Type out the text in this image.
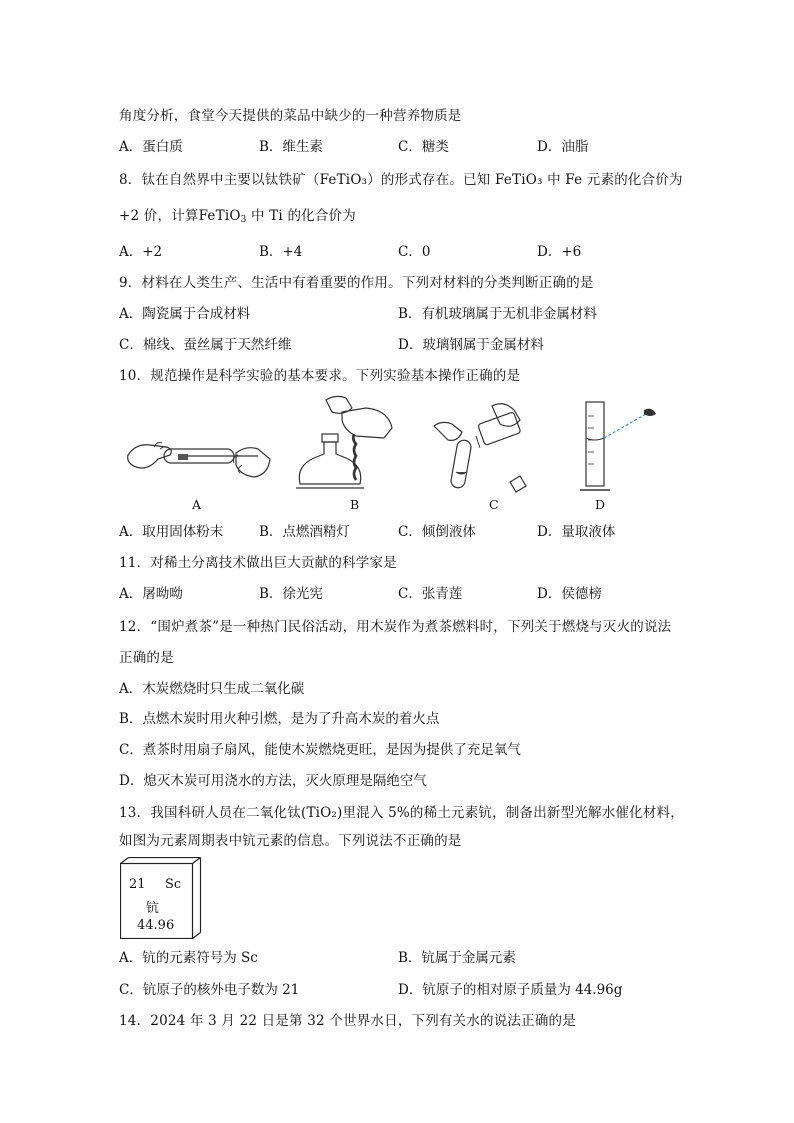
角度分析，食堂今天提供的菜品中缺少的一种营养物质是
A．蛋白质	B．维生素	C．糖类	D．油脂
8．钛在自然界中主要以钛铁矿（FeTiO₃）的形式存在。已知 FeTiO₃ 中 Fe 元素的化合价为
+2 价，计算FeTiO$_3$ 中 Ti 的化合价为
A．+2	B．+4	C．0	D．+6
9．材料在人类生产、生活中有着重要的作用。下列对材料的分类判断正确的是
A．陶瓷属于合成材料	B．有机玻璃属于无机非金属材料
C．棉线、蚕丝属于天然纤维	D．玻璃钢属于金属材料
10．规范操作是科学实验的基本要求。下列实验基本操作正确的是
A	B	C	D
A．取用固体粉末	B．点燃酒精灯	C．倾倒液体	D．量取液体
11．对稀土分离技术做出巨大贡献的科学家是
A．屠呦呦	B．徐光宪	C．张青莲	D．侯德榜
12．“围炉煮茶”是一种热门民俗活动，用木炭作为煮茶燃料时，下列关于燃烧与灭火的说法
正确的是
A．木炭燃烧时只生成二氧化碳
B．点燃木炭时用火种引燃，是为了升高木炭的着火点
C．煮茶时用扇子扇风，能使木炭燃烧更旺，是因为提供了充足氧气
D．熄灭木炭可用浇水的方法，灭火原理是隔绝空气
13．我国科研人员在二氧化钛(TiO₂)里混入 5%的稀土元素钪，制备出新型光解水催化材料，
如图为元素周期表中钪元素的信息。下列说法不正确的是
21 Sc
钪
44.96
A．钪的元素符号为 Sc	B．钪属于金属元素
C．钪原子的核外电子数为 21	D．钪原子的相对原子质量为 44.96g
14．2024 年 3 月 22 日是第 32 个世界水日，下列有关水的说法正确的是
